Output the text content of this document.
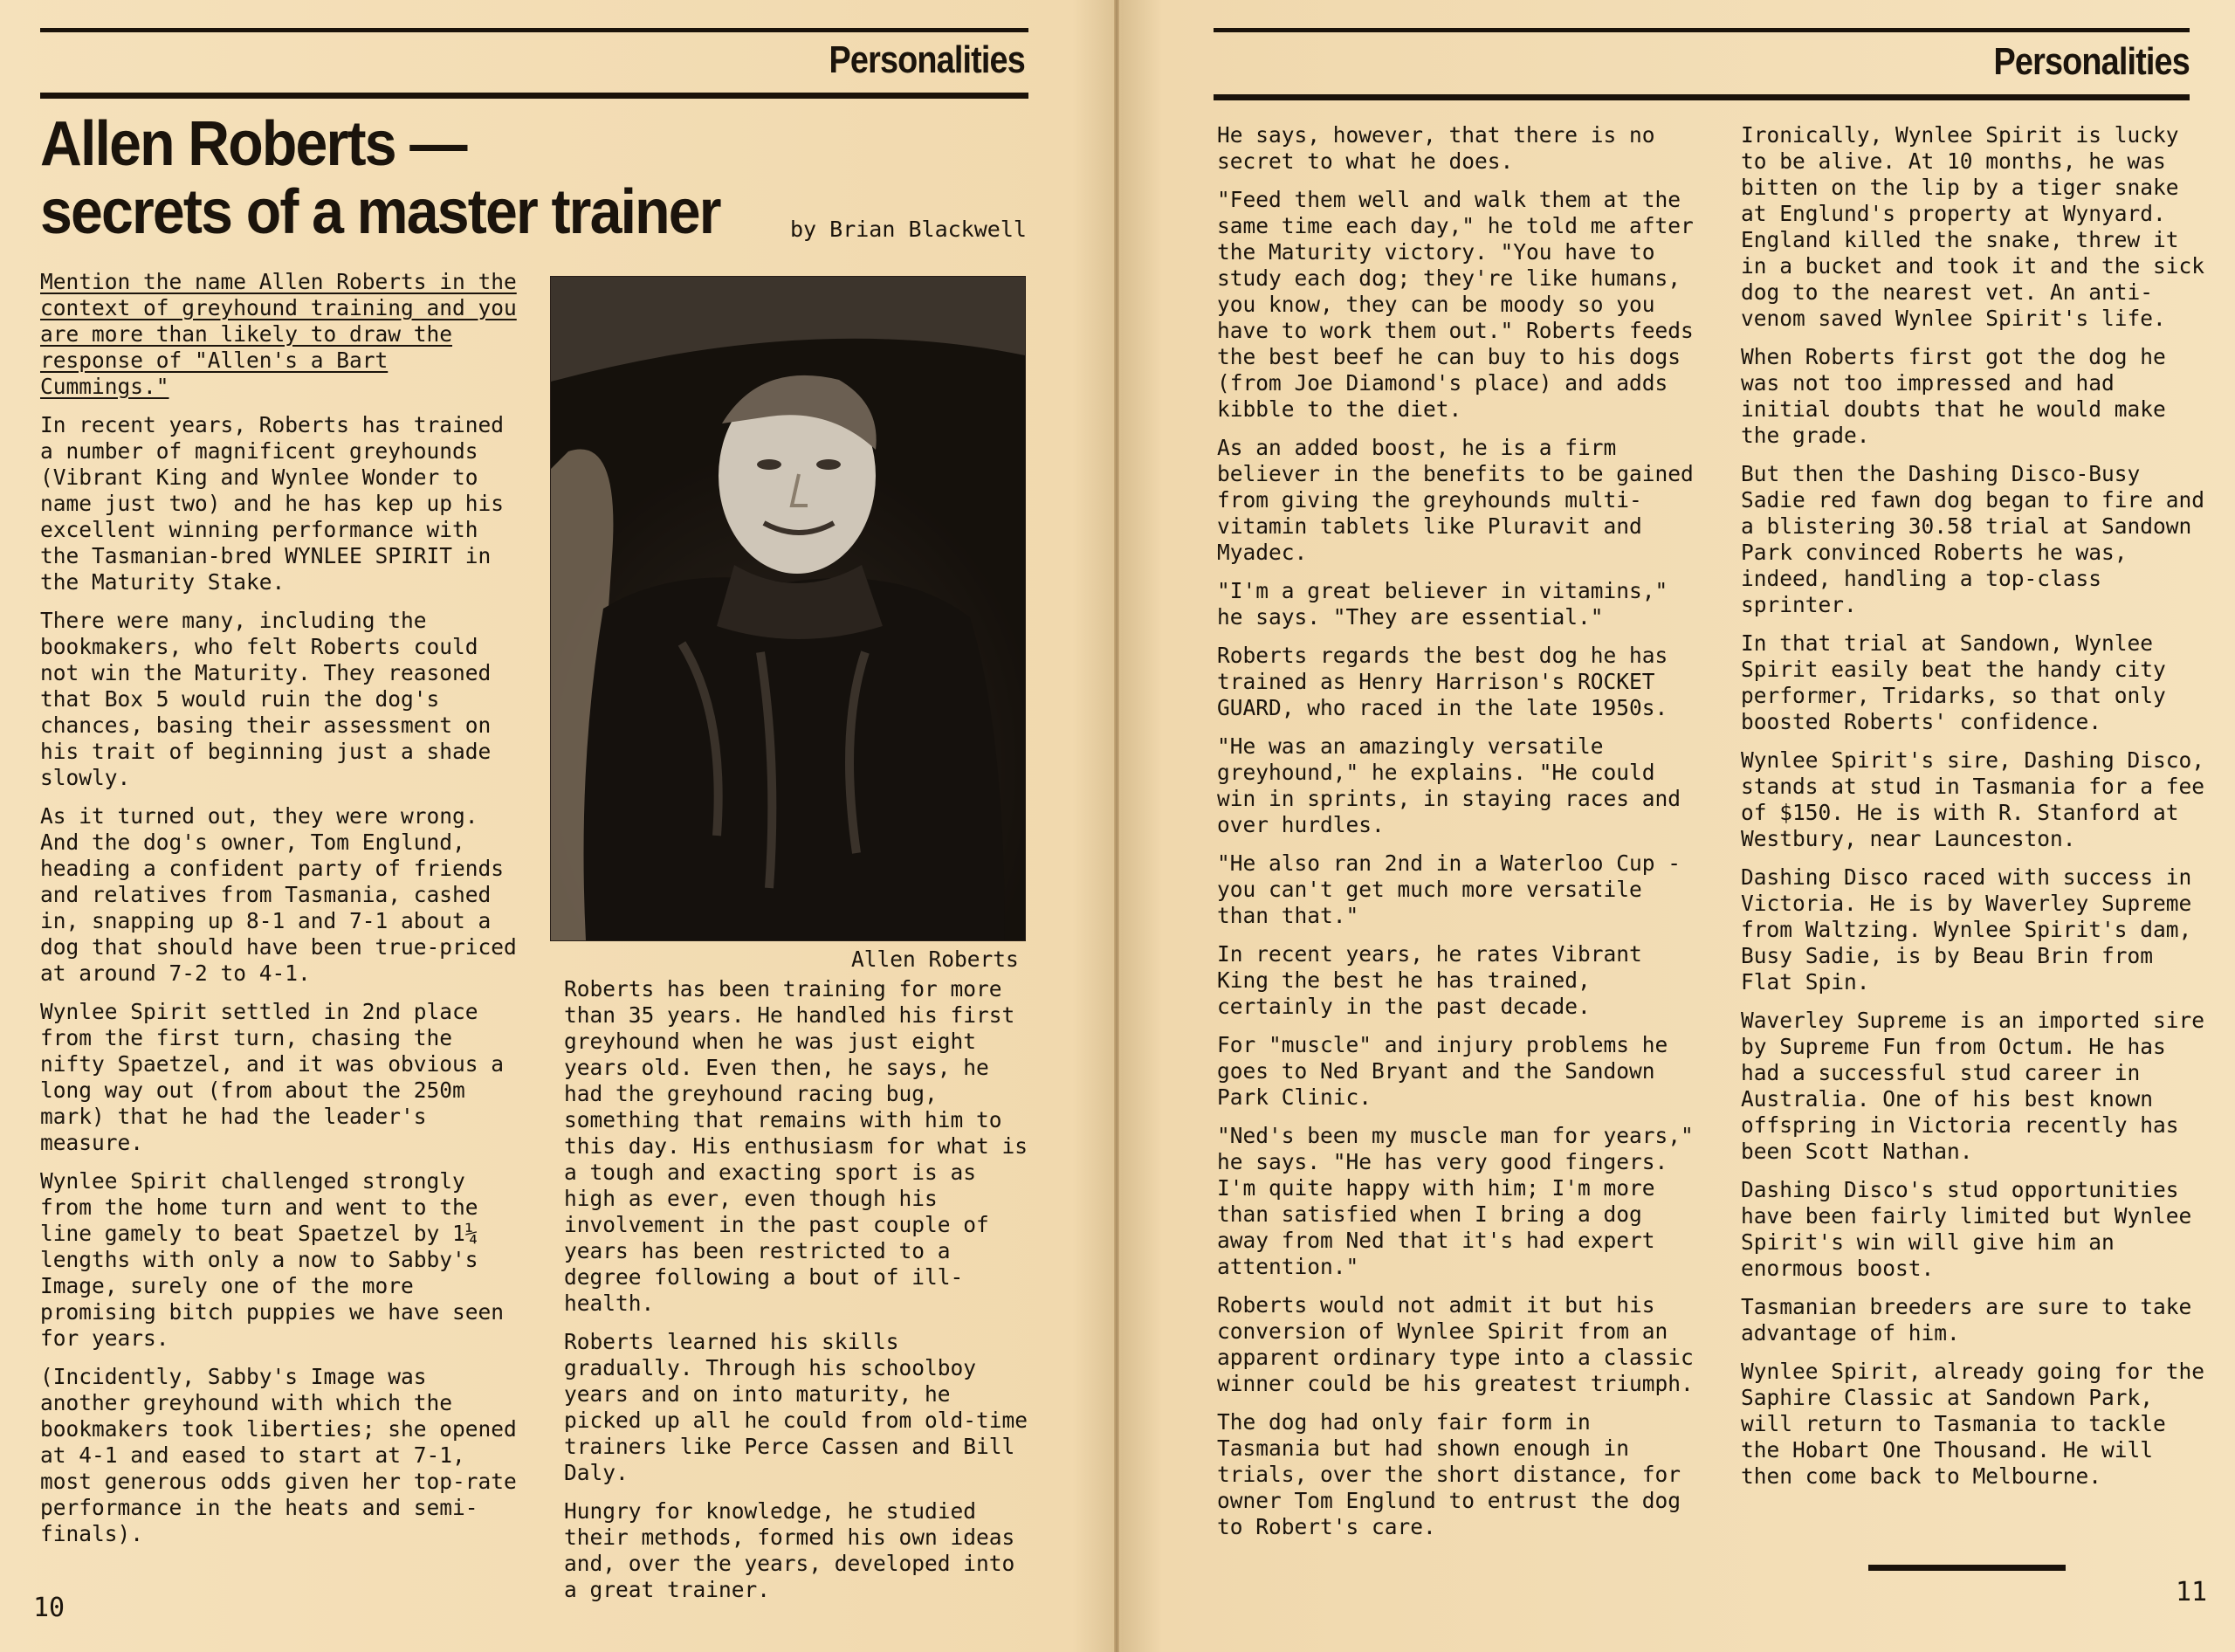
Personalities
Allen Roberts —
secrets of a master trainer	by Brian Blackwell

Mention the name Allen Roberts in the context of greyhound training and you are more than likely to draw the response of "Allen's a Bart Cummings."

In recent years, Roberts has trained a number of magnificent greyhounds (Vibrant King and Wynlee Wonder to name just two) and he has kep up his excellent winning performance with the Tasmanian-bred WYNLEE SPIRIT in the Maturity Stake.

There were many, including the bookmakers, who felt Roberts could not win the Maturity. They reasoned that Box 5 would ruin the dog's chances, basing their assessment on his trait of beginning just a shade slowly.

As it turned out, they were wrong. And the dog's owner, Tom Englund, heading a confident party of friends and relatives from Tasmania, cashed in, snapping up 8-1 and 7-1 about a dog that should have been true-priced at around 7-2 to 4-1.

Wynlee Spirit settled in 2nd place from the first turn, chasing the nifty Spaetzel, and it was obvious a long way out (from about the 250m mark) that he had the leader's measure.

Wynlee Spirit challenged strongly from the home turn and went to the line gamely to beat Spaetzel by 1¼ lengths with only a now to Sabby's Image, surely one of the more promising bitch puppies we have seen for years.

(Incidently, Sabby's Image was another greyhound with which the bookmakers took liberties; she opened at 4-1 and eased to start at 7-1, most generous odds given her top-rate performance in the heats and semi-finals).

Allen Roberts

Roberts has been training for more than 35 years. He handled his first greyhound when he was just eight years old. Even then, he says, he had the greyhound racing bug, something that remains with him to this day. His enthusiasm for what is a tough and exacting sport is as high as ever, even though his involvement in the past couple of years has been restricted to a degree following a bout of ill-health.

Roberts learned his skills gradually. Through his schoolboy years and on into maturity, he picked up all he could from old-time trainers like Perce Cassen and Bill Daly.

Hungry for knowledge, he studied their methods, formed his own ideas and, over the years, developed into a great trainer.

10
Personalities

He says, however, that there is no secret to what he does.

"Feed them well and walk them at the same time each day," he told me after the Maturity victory. "You have to study each dog; they're like humans, you know, they can be moody so you have to work them out." Roberts feeds the best beef he can buy to his dogs (from Joe Diamond's place) and adds kibble to the diet.

As an added boost, he is a firm believer in the benefits to be gained from giving the greyhounds multi-vitamin tablets like Pluravit and Myadec.

"I'm a great believer in vitamins," he says. "They are essential."

Roberts regards the best dog he has trained as Henry Harrison's ROCKET GUARD, who raced in the late 1950s.

"He was an amazingly versatile greyhound," he explains. "He could win in sprints, in staying races and over hurdles.

"He also ran 2nd in a Waterloo Cup - you can't get much more versatile than that."

In recent years, he rates Vibrant King the best he has trained, certainly in the past decade.

For "muscle" and injury problems he goes to Ned Bryant and the Sandown Park Clinic.

"Ned's been my muscle man for years," he says. "He has very good fingers. I'm quite happy with him; I'm more than satisfied when I bring a dog away from Ned that it's had expert attention."

Roberts would not admit it but his conversion of Wynlee Spirit from an apparent ordinary type into a classic winner could be his greatest triumph.

The dog had only fair form in Tasmania but had shown enough in trials, over the short distance, for owner Tom Englund to entrust the dog to Robert's care.

Ironically, Wynlee Spirit is lucky to be alive. At 10 months, he was bitten on the lip by a tiger snake at Englund's property at Wynyard. England killed the snake, threw it in a bucket and took it and the sick dog to the nearest vet. An anti-venom saved Wynlee Spirit's life.

When Roberts first got the dog he was not too impressed and had initial doubts that he would make the grade.

But then the Dashing Disco-Busy Sadie red fawn dog began to fire and a blistering 30.58 trial at Sandown Park convinced Roberts he was, indeed, handling a top-class sprinter.

In that trial at Sandown, Wynlee Spirit easily beat the handy city performer, Tridarks, so that only boosted Roberts' confidence.

Wynlee Spirit's sire, Dashing Disco, stands at stud in Tasmania for a fee of $150. He is with R. Stanford at Westbury, near Launceston.

Dashing Disco raced with success in Victoria. He is by Waverley Supreme from Waltzing. Wynlee Spirit's dam, Busy Sadie, is by Beau Brin from Flat Spin.

Waverley Supreme is an imported sire by Supreme Fun from Octum. He has had a successful stud career in Australia. One of his best known offspring in Victoria recently has been Scott Nathan.

Dashing Disco's stud opportunities have been fairly limited but Wynlee Spirit's win will give him an enormous boost.

Tasmanian breeders are sure to take advantage of him.

Wynlee Spirit, already going for the Saphire Classic at Sandown Park, will return to Tasmania to tackle the Hobart One Thousand. He will then come back to Melbourne.

11
